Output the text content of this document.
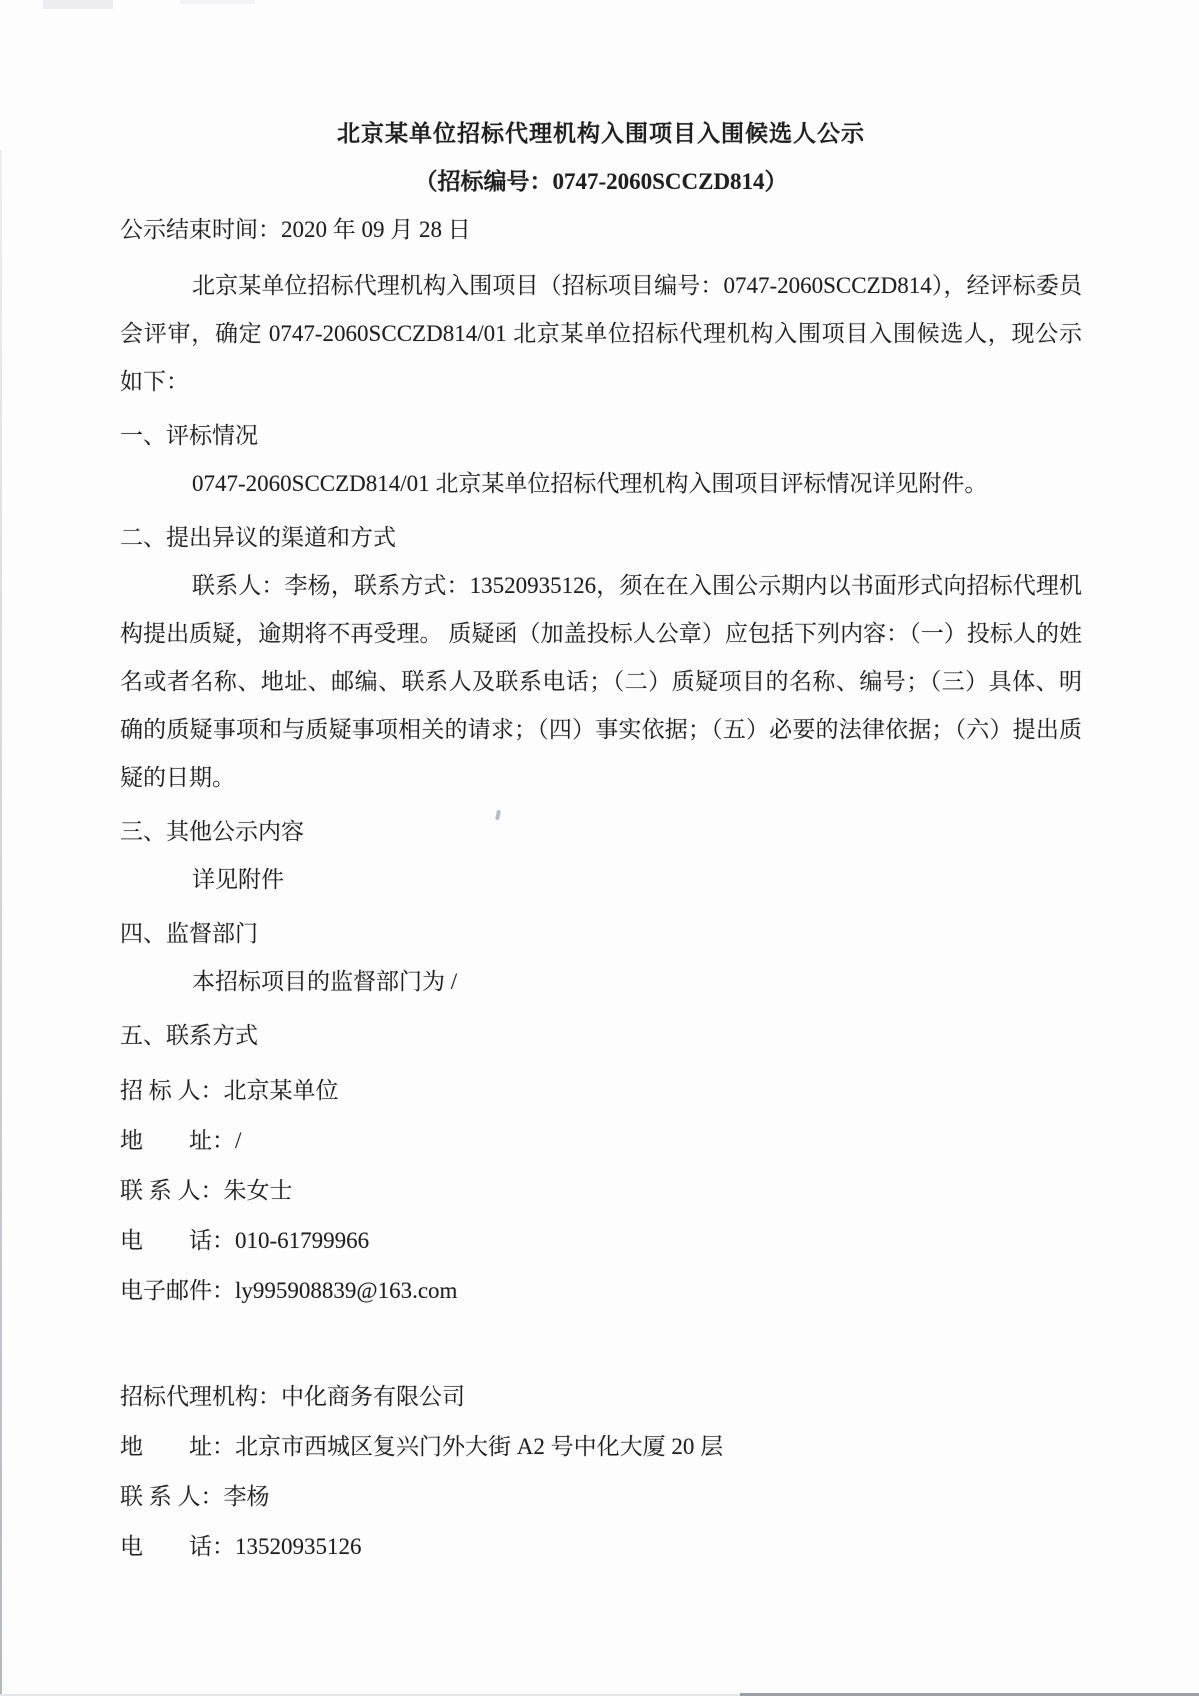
北京某单位招标代理机构入围项目入围候选人公示
（招标编号：0747-2060SCCZD814）
公示结束时间：2020 年 09 月 28 日

北京某单位招标代理机构入围项目（招标项目编号：0747-2060SCCZD814），经评标委员会评审，确定 0747-2060SCCZD814/01 北京某单位招标代理机构入围项目入围候选人，现公示如下：

一、评标情况

0747-2060SCCZD814/01 北京某单位招标代理机构入围项目评标情况详见附件。

二、提出异议的渠道和方式

联系人：李杨，联系方式：13520935126，须在在入围公示期内以书面形式向招标代理机构提出质疑，逾期将不再受理。 质疑函（加盖投标人公章）应包括下列内容：（一）投标人的姓名或者名称、地址、邮编、联系人及联系电话；（二）质疑项目的名称、编号；（三）具体、明确的质疑事项和与质疑事项相关的请求；（四）事实依据；（五）必要的法律依据；（六）提出质疑的日期。

三、其他公示内容

详见附件

四、监督部门

本招标项目的监督部门为 /

五、联系方式
招 标 人：北京某单位
地　　址：/
联 系 人：朱女士
电　　话：010-61799966
电子邮件：ly995908839@163.com
招标代理机构：中化商务有限公司
地　　址：北京市西城区复兴门外大街 A2 号中化大厦 20 层
联 系 人：李杨
电　　话：13520935126
